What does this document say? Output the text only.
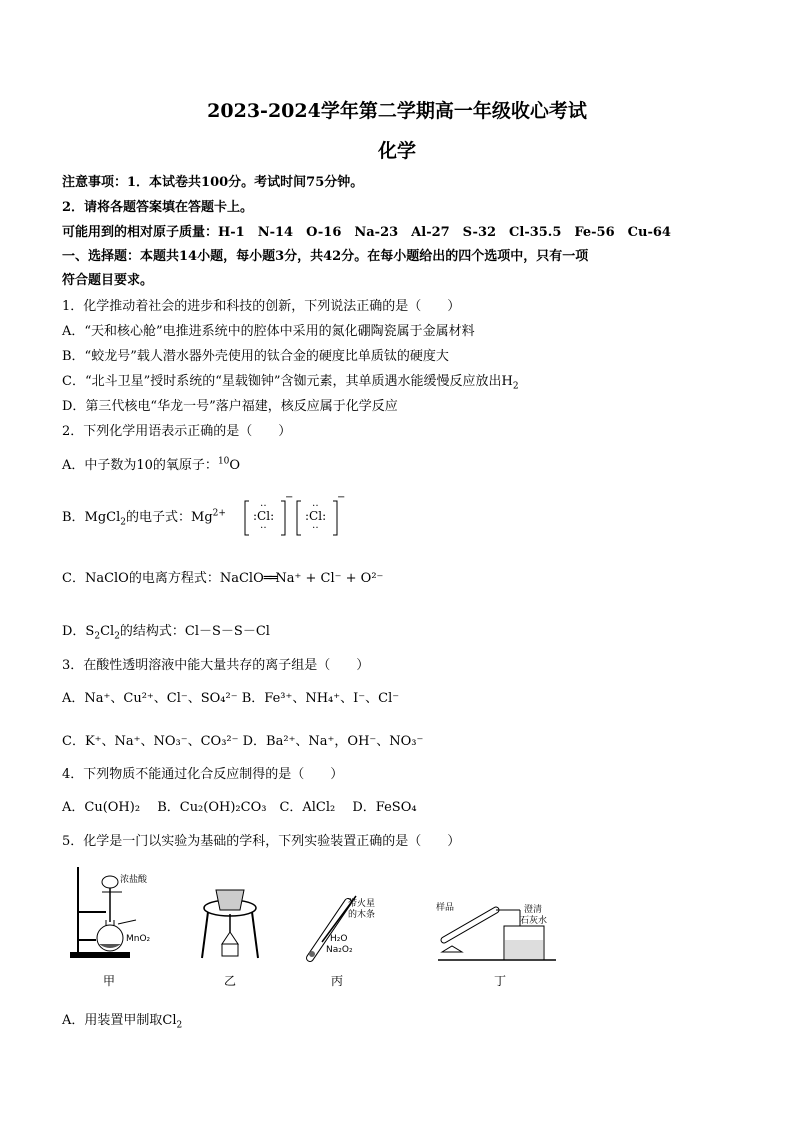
2023-2024学年第二学期高一年级收心考试
化学
注意事项：1．本试卷共100分。考试时间75分钟。
2．请将各题答案填在答题卡上。
可能用到的相对原子质量：H-1　N-14　O-16　Na-23　Al-27　S-32　Cl-35.5　Fe-56　Cu-64
一、选择题：本题共14小题，每小题3分，共42分。在每小题给出的四个选项中，只有一项
符合题目要求。
1．化学推动着社会的进步和科技的创新，下列说法正确的是（　　）
A．“天和核心舱”电推进系统中的腔体中采用的氮化硼陶瓷属于金属材料
B．“蛟龙号”载人潜水器外壳使用的钛合金的硬度比单质钛的硬度大
C．“北斗卫星”授时系统的“星载铷钟”含铷元素，其单质遇水能缓慢反应放出$H_2$
D．第三代核电“华龙一号”落户福建，核反应属于化学反应
2．下列化学用语表示正确的是（　　）
A．中子数为10的氧原子：$^{10}$O
B．MgCl$_2$的电子式：$Mg^{2+}$ :Cl:
‥
‥
−
:Cl:
‥
‥
−
C．NaClO的电离方程式：NaClO══Na⁺ + Cl⁻ + O²⁻
D．$S_2Cl_2$的结构式：Cl－S－S－Cl
3．在酸性透明溶液中能大量共存的离子组是（　　）
A．Na⁺、Cu²⁺、Cl⁻、SO₄²⁻ B．Fe³⁺、NH₄⁺、I⁻、Cl⁻
C．K⁺、Na⁺、NO₃⁻、CO₃²⁻ D．Ba²⁺、Na⁺，OH⁻、NO₃⁻
4．下列物质不能通过化合反应制得的是（　　）
A．Cu(OH)₂　 B．Cu₂(OH)₂CO₃　C．AlCl₂　 D．FeSO₄
5．化学是一门以实验为基础的学科，下列实验装置正确的是（　　）
浓盐酸
MnO₂
带火星
的木条
H₂O
Na₂O₂
样品	澄清
石灰水
甲	乙	丙	丁
A．用装置甲制取$Cl_2$
